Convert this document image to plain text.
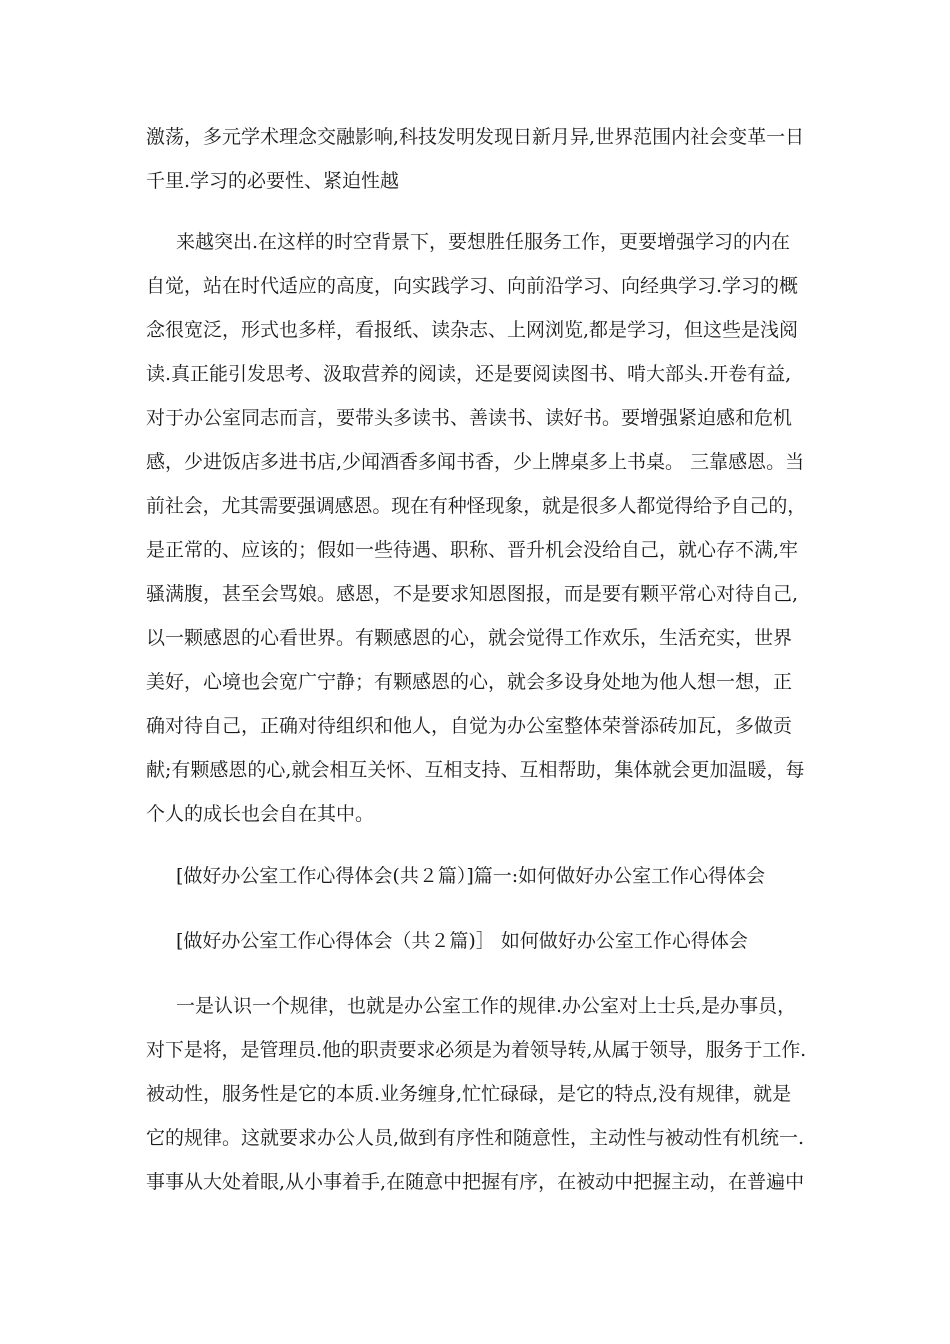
激荡，多元学术理念交融影响,科技发明发现日新月异,世界范围内社会变革一日
千里.学习的必要性、紧迫性越
来越突出.在这样的时空背景下，要想胜任服务工作，更要增强学习的内在
自觉，站在时代适应的高度，向实践学习、向前沿学习、向经典学习.学习的概
念很宽泛，形式也多样，看报纸、读杂志、上网浏览,都是学习，但这些是浅阅
读.真正能引发思考、汲取营养的阅读，还是要阅读图书、啃大部头.开卷有益,
对于办公室同志而言，要带头多读书、善读书、读好书。要增强紧迫感和危机
感，少进饭店多进书店,少闻酒香多闻书香，少上牌桌多上书桌。 三靠感恩。当
前社会，尤其需要强调感恩。现在有种怪现象，就是很多人都觉得给予自己的，
是正常的、应该的；假如一些待遇、职称、晋升机会没给自己，就心存不满,牢
骚满腹，甚至会骂娘。感恩，不是要求知恩图报，而是要有颗平常心对待自己,
以一颗感恩的心看世界。有颗感恩的心，就会觉得工作欢乐，生活充实，世界
美好，心境也会宽广宁静；有颗感恩的心，就会多设身处地为他人想一想，正
确对待自己，正确对待组织和他人，自觉为办公室整体荣誉添砖加瓦，多做贡
献;有颗感恩的心,就会相互关怀、互相支持、互相帮助，集体就会更加温暖，每
个人的成长也会自在其中。
[做好办公室工作心得体会(共２篇）]篇一:如何做好办公室工作心得体会
[做好办公室工作心得体会（共２篇)］ 如何做好办公室工作心得体会
一是认识一个规律，也就是办公室工作的规律.办公室对上士兵,是办事员，
对下是将，是管理员.他的职责要求必须是为着领导转,从属于领导，服务于工作.
被动性，服务性是它的本质.业务缠身,忙忙碌碌，是它的特点,没有规律，就是
它的规律。这就要求办公人员,做到有序性和随意性，主动性与被动性有机统一.
事事从大处着眼,从小事着手,在随意中把握有序，在被动中把握主动，在普遍中
